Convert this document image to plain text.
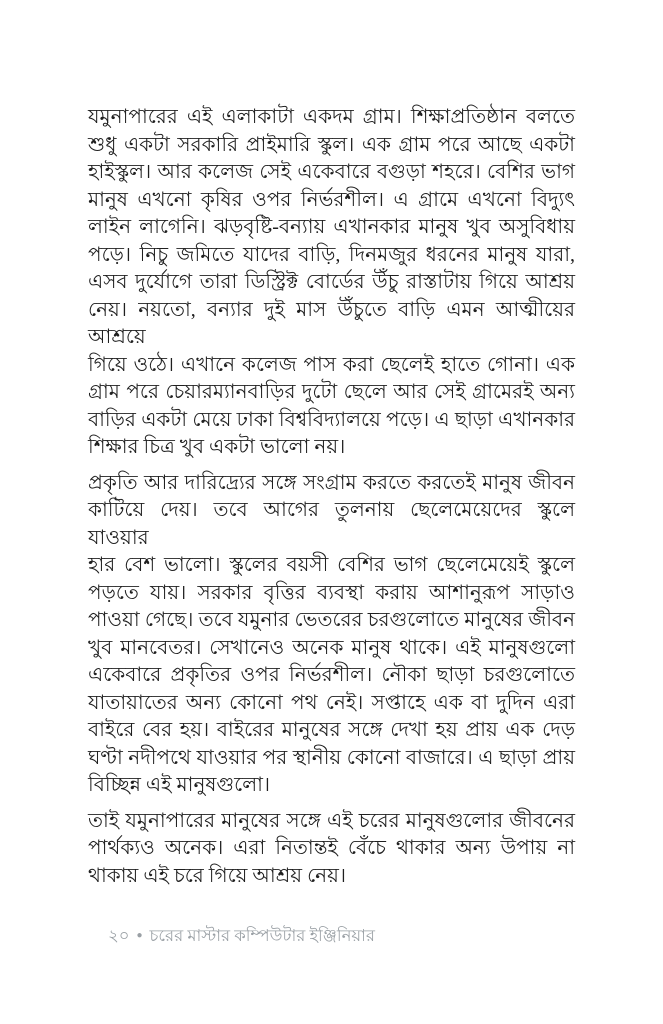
যমুনাপারের এই এলাকাটা একদম গ্রাম। শিক্ষাপ্রতিষ্ঠান বলতে
শুধু একটা সরকারি প্রাইমারি স্কুল। এক গ্রাম পরে আছে একটা
হাইস্কুল। আর কলেজ সেই একেবারে বগুড়া শহরে। বেশির ভাগ
মানুষ এখনো কৃষির ওপর নির্ভরশীল। এ গ্রামে এখনো বিদ্যুৎ
লাইন লাগেনি। ঝড়বৃষ্টি-বন্যায় এখানকার মানুষ খুব অসুবিধায়
পড়ে। নিচু জমিতে যাদের বাড়ি, দিনমজুর ধরনের মানুষ যারা,
এসব দুর্যোগে তারা ডিস্ট্রিক্ট বোর্ডের উঁচু রাস্তাটায় গিয়ে আশ্রয়
নেয়। নয়তো, বন্যার দুই মাস উঁচুতে বাড়ি এমন আত্মীয়ের আশ্রয়ে
গিয়ে ওঠে। এখানে কলেজ পাস করা ছেলেই হাতে গোনা। এক
গ্রাম পরে চেয়ারম্যানবাড়ির দুটো ছেলে আর সেই গ্রামেরই অন্য
বাড়ির একটা মেয়ে ঢাকা বিশ্ববিদ্যালয়ে পড়ে। এ ছাড়া এখানকার
শিক্ষার চিত্র খুব একটা ভালো নয়।
প্রকৃতি আর দারিদ্র্যের সঙ্গে সংগ্রাম করতে করতেই মানুষ জীবন
কাটিয়ে দেয়। তবে আগের তুলনায় ছেলেমেয়েদের স্কুলে যাওয়ার
হার বেশ ভালো। স্কুলের বয়সী বেশির ভাগ ছেলেমেয়েই স্কুলে
পড়তে যায়। সরকার বৃত্তির ব্যবস্থা করায় আশানুরূপ সাড়াও
পাওয়া গেছে। তবে যমুনার ভেতরের চরগুলোতে মানুষের জীবন
খুব মানবেতর। সেখানেও অনেক মানুষ থাকে। এই মানুষগুলো
একেবারে প্রকৃতির ওপর নির্ভরশীল। নৌকা ছাড়া চরগুলোতে
যাতায়াতের অন্য কোনো পথ নেই। সপ্তাহে এক বা দুদিন এরা
বাইরে বের হয়। বাইরের মানুষের সঙ্গে দেখা হয় প্রায় এক দেড়
ঘণ্টা নদীপথে যাওয়ার পর স্থানীয় কোনো বাজারে। এ ছাড়া প্রায়
বিচ্ছিন্ন এই মানুষগুলো।
তাই যমুনাপারের মানুষের সঙ্গে এই চরের মানুষগুলোর জীবনের
পার্থক্যও অনেক। এরা নিতান্তই বেঁচে থাকার অন্য উপায় না
থাকায় এই চরে গিয়ে আশ্রয় নেয়।
২০ ● চরের মাস্টার কম্পিউটার ইঞ্জিনিয়ার
